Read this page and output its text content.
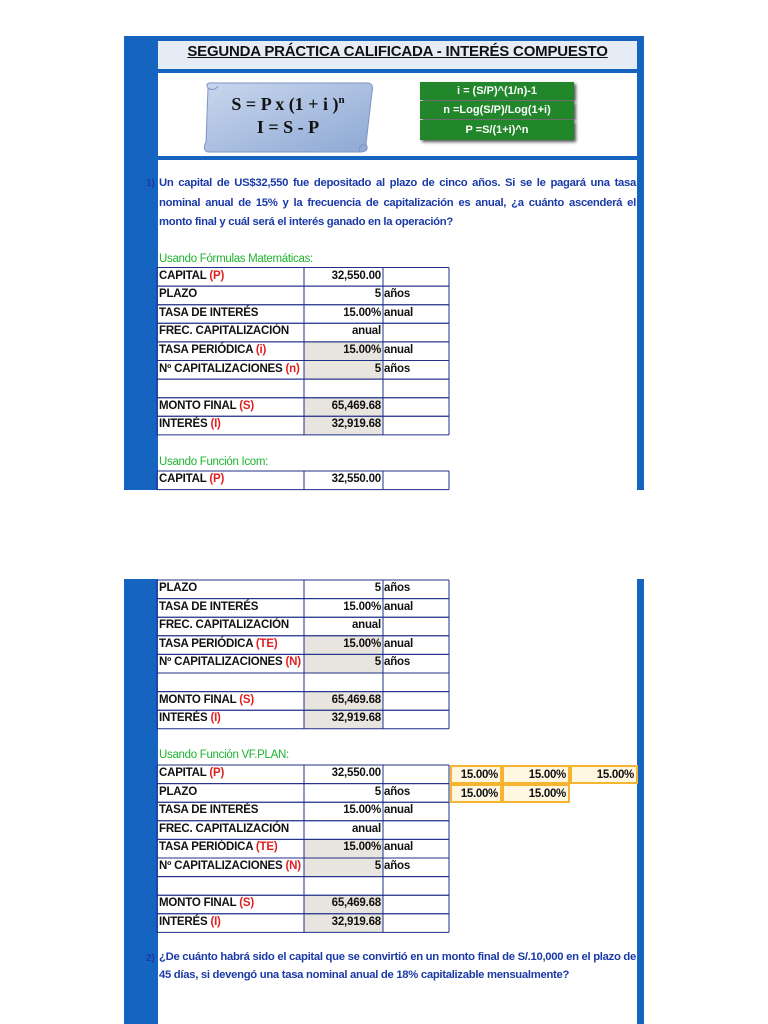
SEGUNDA PRÁCTICA CALIFICADA - INTERÉS COMPUESTO
S = P x (1 + i )$^n$
I = S - P
i = (S/P)^(1/n)-1
n =Log(S/P)/Log(1+i)
P =S/(1+i)^n
1) Un capital de US$32,550 fue depositado al plazo de cinco años. Si se le pagará una tasa nominal anual de 15% y la frecuencia de capitalización es anual, ¿a cuánto ascenderá el monto final y cuál será el interés ganado en la operación?
Usando Fórmulas Matemáticas:
CAPITAL (P)	32,550.00
PLAZO	5 años
TASA DE INTERÉS	15.00% anual
FREC. CAPITALIZACIÓN	anual
TASA PERIÓDICA (i)	15.00% anual
Nº CAPITALIZACIONES (n)	5 años
MONTO FINAL (S)	65,469.68
INTERÉS (I)	32,919.68
Usando Función Icom:
CAPITAL (P)	32,550.00
PLAZO	5 años
TASA DE INTERÉS	15.00% anual
FREC. CAPITALIZACIÓN	anual
TASA PERIÓDICA (TE)	15.00% anual
Nº CAPITALIZACIONES (N)	5 años
MONTO FINAL (S)	65,469.68
INTERÉS (I)	32,919.68
Usando Función VF.PLAN:
CAPITAL (P)	32,550.00
PLAZO	5 años
TASA DE INTERÉS	15.00% anual
FREC. CAPITALIZACIÓN	anual
TASA PERIÓDICA (TE)	15.00% anual
Nº CAPITALIZACIONES (N)	5 años
MONTO FINAL (S)	65,469.68
INTERÉS (I)	32,919.68
15.00%	15.00%	15.00%
15.00%	15.00%
2) ¿De cuánto habrá sido el capital que se convirtió en un monto final de S/.10,000 en el plazo de 45 días, si devengó una tasa nominal anual de 18% capitalizable mensualmente?
